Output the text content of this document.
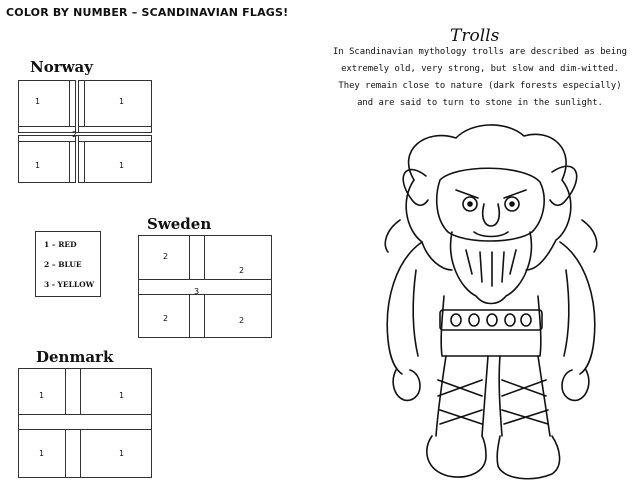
COLOR BY NUMBER – SCANDINAVIAN FLAGS!
Norway
1	1
2
1	1
Sweden
2
2
3
2	2
1 – RED
2 – BLUE
3 - YELLOW
Denmark
1	1
1	1
Trolls
In Scandinavian mythology trolls are described as being extremely old, very strong, but slow and dim-witted. They remain close to nature (dark forests especially) and are said to turn to stone in the sunlight.
